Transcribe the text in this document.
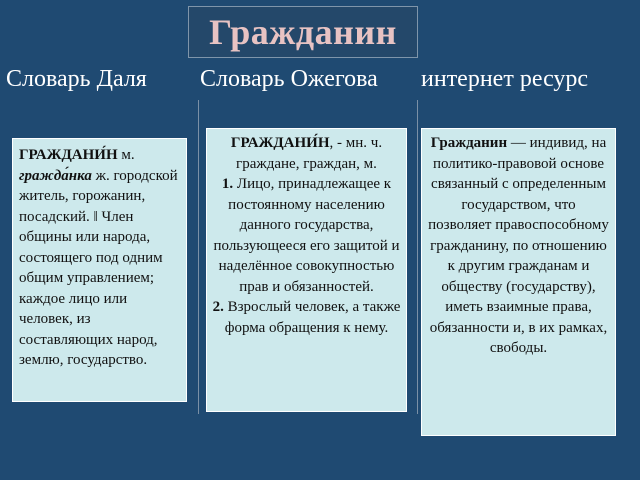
Гражданин
Словарь Даля Словарь Ожегова интернет ресурс
ГРАЖДАНИ́Н м. гражда́нка ж. городской житель, горожанин, посадский. ‖ Член общины или народа, состоящего под одним общим управлением; каждое лицо или человек, из составляющих народ, землю, государство.
ГРАЖДАНИ́Н, - мн. ч. граждане, граждан, м.
1. Лицо, принадлежащее к постоянному населению данного государства, пользующееся его защитой и наделённое совокупностью прав и обязанностей.
2. Взрослый человек, а также форма обращения к нему.
Гражданин — индивид, на политико-правовой основе связанный с определенным государством, что позволяет правоспособному гражданину, по отношению к другим гражданам и обществу (государству), иметь взаимные права, обязанности и, в их рамках, свободы.
